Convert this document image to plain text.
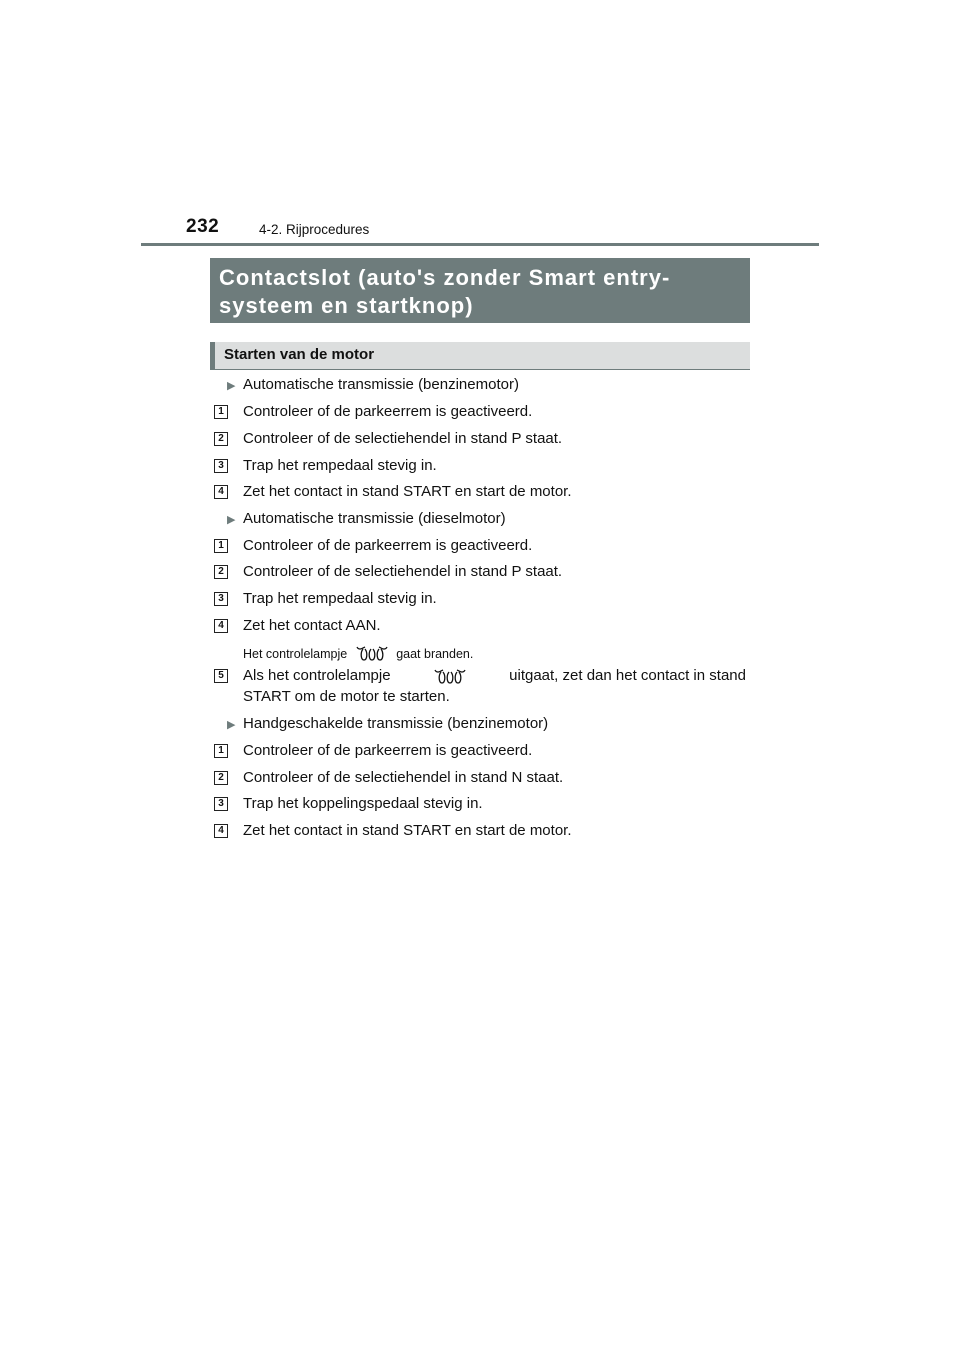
232	4-2. Rijprocedures
Contactslot (auto's zonder Smart entry-
systeem en startknop)
Starten van de motor
▶ Automatische transmissie (benzinemotor)
1 Controleer of de parkeerrem is geactiveerd.
2 Controleer of de selectiehendel in stand P staat.
3 Trap het rempedaal stevig in.
4 Zet het contact in stand START en start de motor.
▶ Automatische transmissie (dieselmotor)
1 Controleer of de parkeerrem is geactiveerd.
2 Controleer of de selectiehendel in stand P staat.
3 Trap het rempedaal stevig in.
4 Zet het contact AAN.
Het controlelampje	gaat branden.
5 Als het controlelampje	uitgaat, zet dan het contact in stand
START om de motor te starten.
▶ Handgeschakelde transmissie (benzinemotor)
1 Controleer of de parkeerrem is geactiveerd.
2 Controleer of de selectiehendel in stand N staat.
3 Trap het koppelingspedaal stevig in.
4 Zet het contact in stand START en start de motor.
